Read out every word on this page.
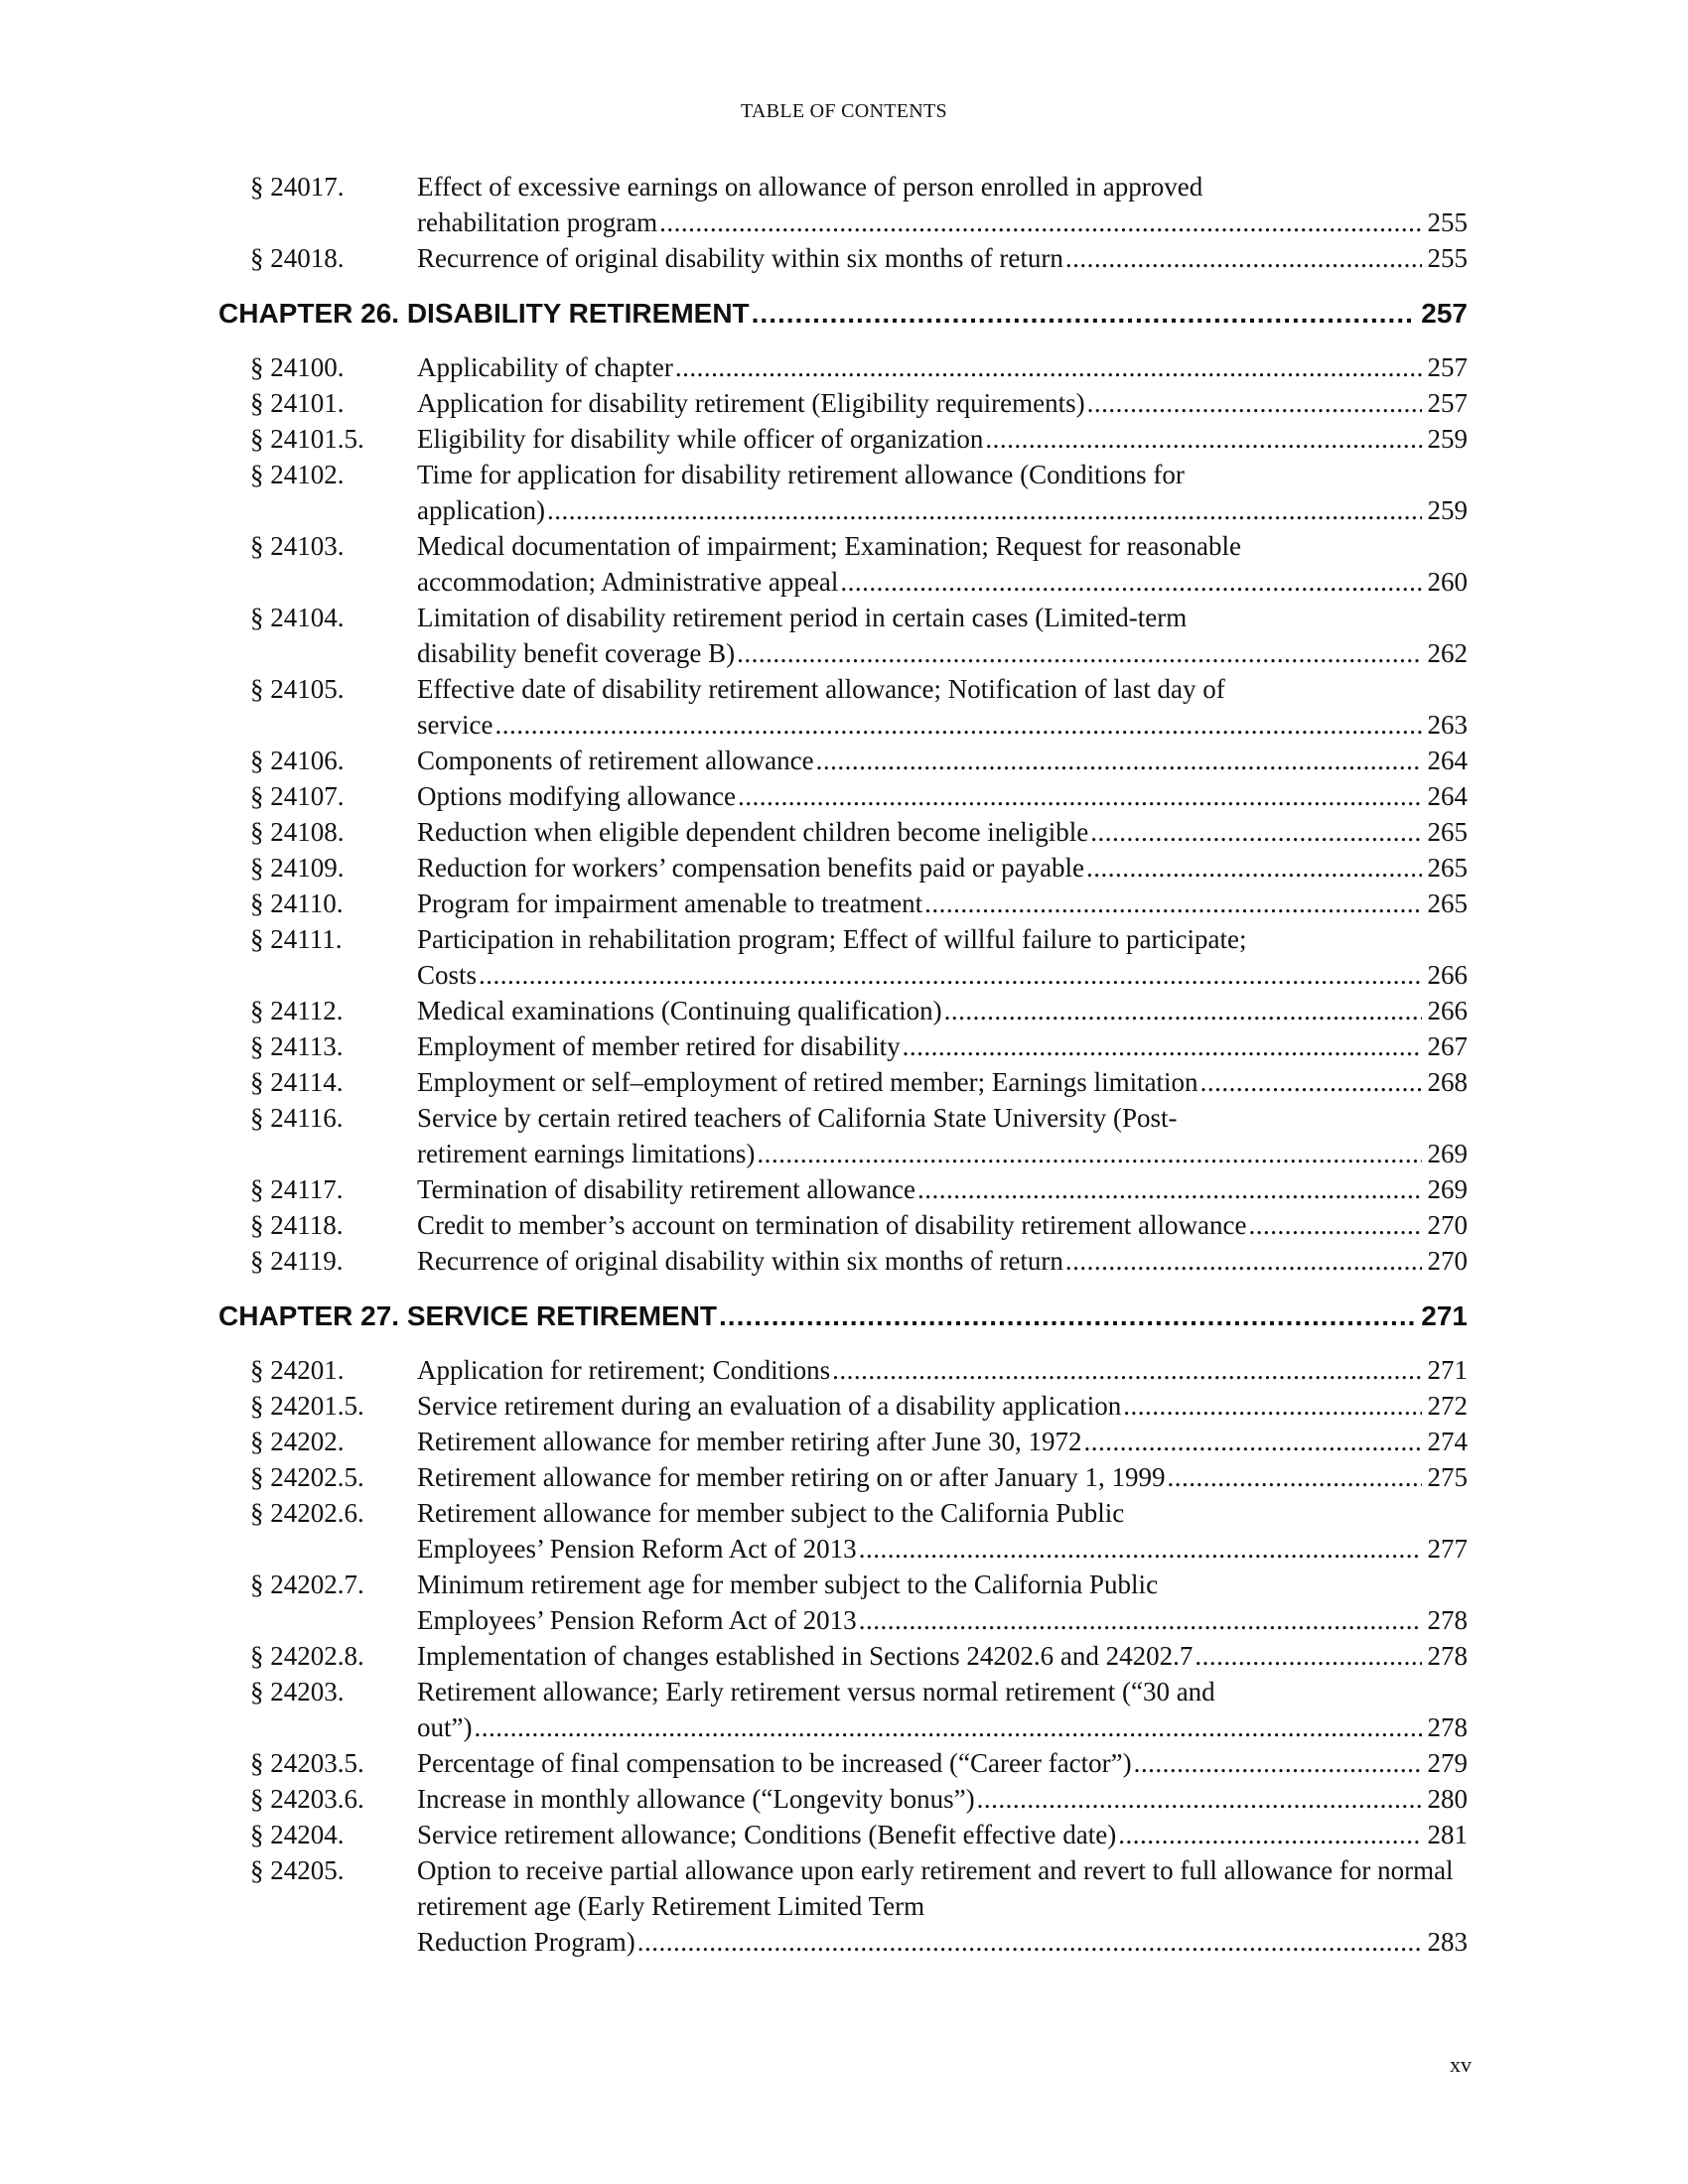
TABLE OF CONTENTS
§ 24017.	Effect of excessive earnings on allowance of person enrolled in approved
rehabilitation program .....	255
§ 24018.	Recurrence of original disability within six months of return .....	255
CHAPTER 26. DISABILITY RETIREMENT .....	257
§ 24100.	Applicability of chapter .....	257
§ 24101.	Application for disability retirement (Eligibility requirements) .....	257
§ 24101.5.	Eligibility for disability while officer of organization .....	259
§ 24102.	Time for application for disability retirement allowance (Conditions for
application) .....	259
§ 24103.	Medical documentation of impairment; Examination; Request for reasonable
accommodation; Administrative appeal .....	260
§ 24104.	Limitation of disability retirement period in certain cases (Limited-term
disability benefit coverage B) .....	262
§ 24105.	Effective date of disability retirement allowance; Notification of last day of
service .....	263
§ 24106.	Components of retirement allowance .....	264
§ 24107.	Options modifying allowance .....	264
§ 24108.	Reduction when eligible dependent children become ineligible .....	265
§ 24109.	Reduction for workers’ compensation benefits paid or payable .....	265
§ 24110.	Program for impairment amenable to treatment .....	265
§ 24111.	Participation in rehabilitation program; Effect of willful failure to participate;
Costs .....	266
§ 24112.	Medical examinations (Continuing qualification) .....	266
§ 24113.	Employment of member retired for disability .....	267
§ 24114.	Employment or self–employment of retired member; Earnings limitation .....	268
§ 24116.	Service by certain retired teachers of California State University (Post-
retirement earnings limitations) .....	269
§ 24117.	Termination of disability retirement allowance .....	269
§ 24118.	Credit to member’s account on termination of disability retirement allowance .....	270
§ 24119.	Recurrence of original disability within six months of return .....	270
CHAPTER 27. SERVICE RETIREMENT .....	271
§ 24201.	Application for retirement; Conditions .....	271
§ 24201.5.	Service retirement during an evaluation of a disability application .....	272
§ 24202.	Retirement allowance for member retiring after June 30, 1972 .....	274
§ 24202.5.	Retirement allowance for member retiring on or after January 1, 1999 .....	275
§ 24202.6.	Retirement allowance for member subject to the California Public
Employees’ Pension Reform Act of 2013 .....	277
§ 24202.7.	Minimum retirement age for member subject to the California Public
Employees’ Pension Reform Act of 2013 .....	278
§ 24202.8.	Implementation of changes established in Sections 24202.6 and 24202.7 .....	278
§ 24203.	Retirement allowance; Early retirement versus normal retirement (“30 and
out”) .....	278
§ 24203.5.	Percentage of final compensation to be increased (“Career factor”) .....	279
§ 24203.6.	Increase in monthly allowance (“Longevity bonus”) .....	280
§ 24204.	Service retirement allowance; Conditions (Benefit effective date) .....	281
§ 24205.	Option to receive partial allowance upon early retirement and revert to full allowance for normal retirement age (Early Retirement Limited Term
Reduction Program) .....	283
xv
